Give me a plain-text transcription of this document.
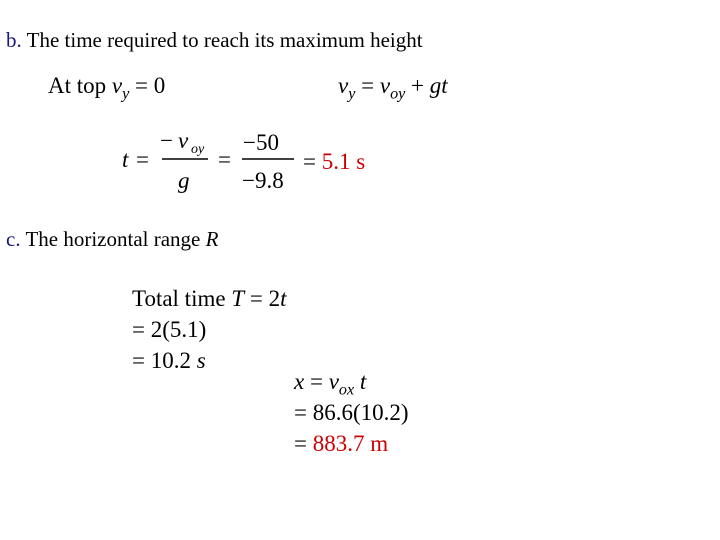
b. The time required to reach its maximum height
At top $v_y = 0$	$v_y = v_{oy}$ + gt
t =
− v oy
g
=
−50
−9.8
= 5.1 s
c. The horizontal range R
Total time T = 2t
= 2(5.1)
= 10.2 s
$x = v_{ox}$ t
= 86.6(10.2)
= 883.7 m
